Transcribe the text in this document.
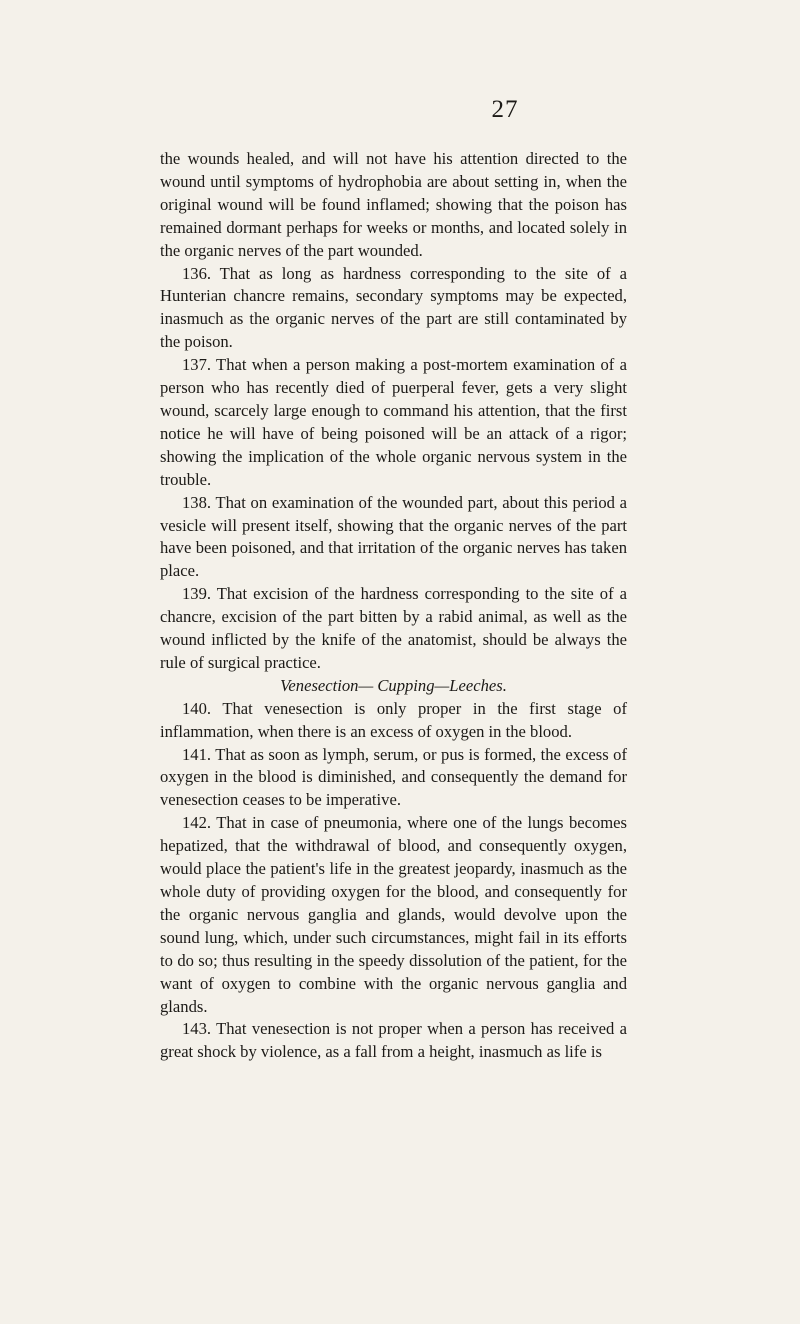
27

the wounds healed, and will not have his attention directed to the wound until symptoms of hydrophobia are about setting in, when the original wound will be found inflamed; showing that the poison has remained dormant perhaps for weeks or months, and located solely in the organic nerves of the part wounded.

136. That as long as hardness corresponding to the site of a Hunterian chancre remains, secondary symptoms may be expected, inasmuch as the organic nerves of the part are still contaminated by the poison.

137. That when a person making a post-mortem examination of a person who has recently died of puerperal fever, gets a very slight wound, scarcely large enough to command his attention, that the first notice he will have of being poisoned will be an attack of a rigor; showing the implication of the whole organic nervous system in the trouble.

138. That on examination of the wounded part, about this period a vesicle will present itself, showing that the organic nerves of the part have been poisoned, and that irritation of the organic nerves has taken place.

139. That excision of the hardness corresponding to the site of a chancre, excision of the part bitten by a rabid animal, as well as the wound inflicted by the knife of the anatomist, should be always the rule of surgical practice.

Venesection— Cupping—Leeches.

140. That venesection is only proper in the first stage of inflammation, when there is an excess of oxygen in the blood.

141. That as soon as lymph, serum, or pus is formed, the excess of oxygen in the blood is diminished, and consequently the demand for venesection ceases to be imperative.

142. That in case of pneumonia, where one of the lungs becomes hepatized, that the withdrawal of blood, and consequently oxygen, would place the patient's life in the greatest jeopardy, inasmuch as the whole duty of providing oxygen for the blood, and consequently for the organic nervous ganglia and glands, would devolve upon the sound lung, which, under such circumstances, might fail in its efforts to do so; thus resulting in the speedy dissolution of the patient, for the want of oxygen to combine with the organic nervous ganglia and glands.

143. That venesection is not proper when a person has received a great shock by violence, as a fall from a height, inasmuch as life is
